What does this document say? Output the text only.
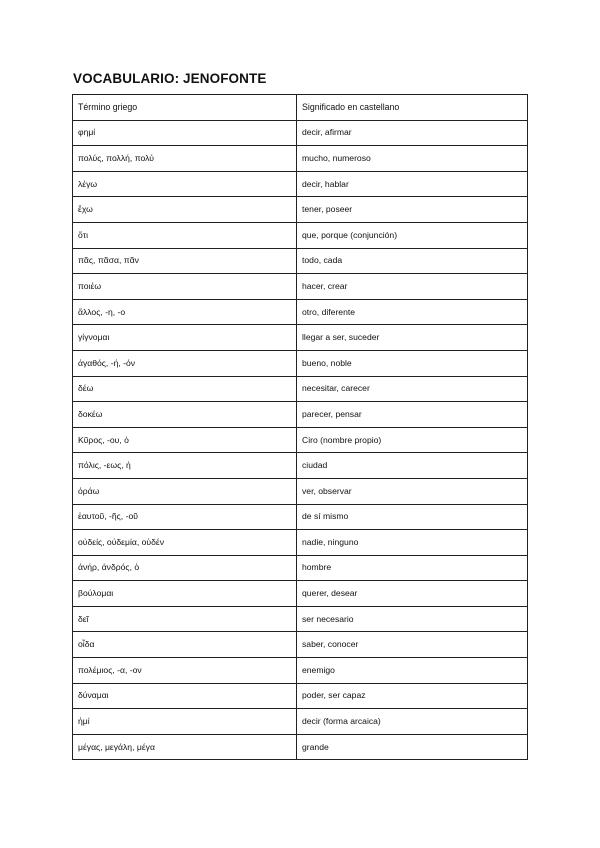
VOCABULARIO: JENOFONTE
Término griego	Significado en castellano
φημί	decir, afirmar
πολύς, πολλή, πολύ	mucho, numeroso
λέγω	decir, hablar
ἔχω	tener, poseer
ὅτι	que, porque (conjunción)
πᾶς, πᾶσα, πᾶν	todo, cada
ποιέω	hacer, crear
ἄλλος, -η, -ο	otro, diferente
γίγνομαι	llegar a ser, suceder
ἀγαθός, -ή, -όν	bueno, noble
δέω	necesitar, carecer
δοκέω	parecer, pensar
Κῦρος, -ου, ὁ	Ciro (nombre propio)
πόλις, -εως, ἡ	ciudad
ὁράω	ver, observar
ἑαυτοῦ, -ῆς, -οῦ	de sí mismo
οὐδείς, οὐδεμία, οὐδέν	nadie, ninguno
ἀνήρ, ἀνδρός, ὁ	hombre
βούλομαι	querer, desear
δεῖ	ser necesario
οἶδα	saber, conocer
πολέμιος, -α, -ον	enemigo
δύναμαι	poder, ser capaz
ἠμί	decir (forma arcaica)
μέγας, μεγάλη, μέγα	grande
